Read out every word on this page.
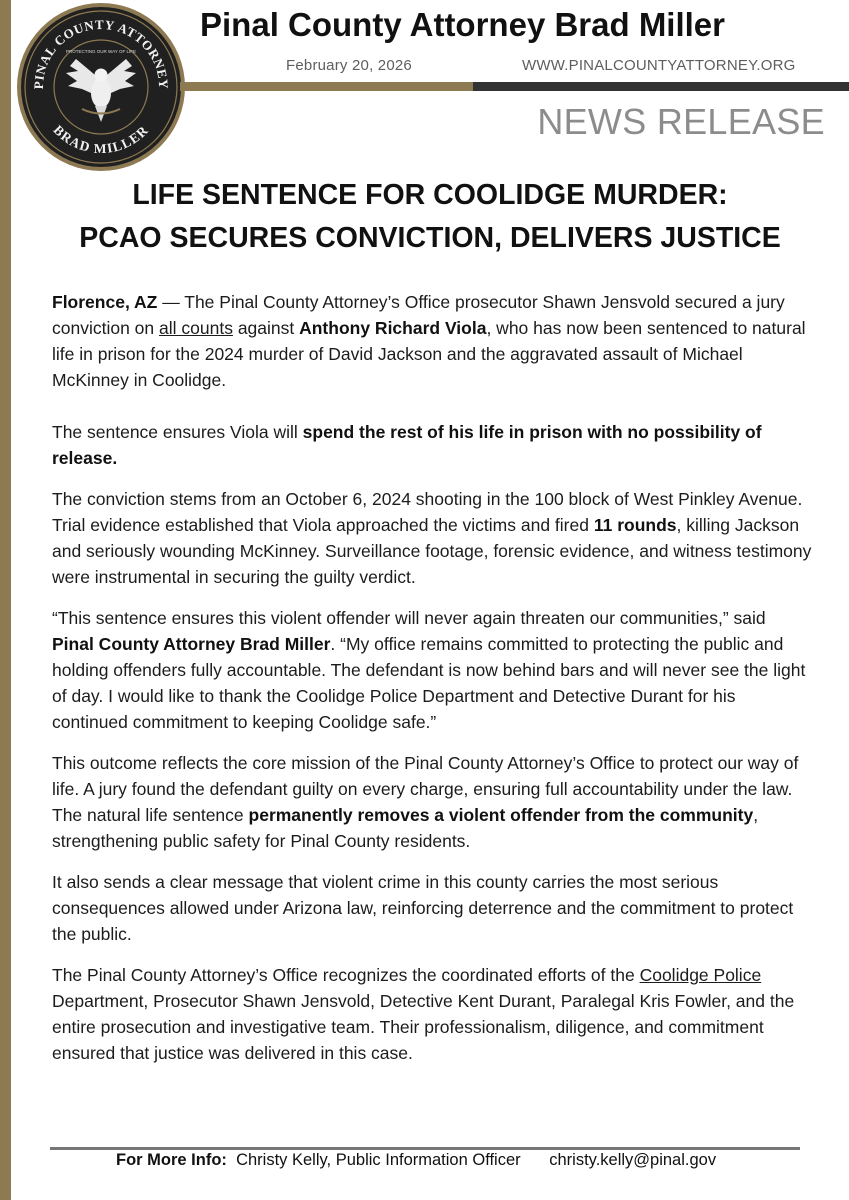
PINAL COUNTY ATTORNEY
BRAD MILLER
PROTECTING OUR WAY OF LIFE
Pinal County Attorney Brad Miller
February 20, 2026	WWW.PINALCOUNTYATTORNEY.ORG
NEWS RELEASE
LIFE SENTENCE FOR COOLIDGE MURDER:
PCAO SECURES CONVICTION, DELIVERS JUSTICE

Florence, AZ — The Pinal County Attorney’s Office prosecutor Shawn Jensvold secured a jury conviction on all counts against Anthony Richard Viola, who has now been sentenced to natural life in prison for the 2024 murder of David Jackson and the aggravated assault of Michael McKinney in Coolidge.

The sentence ensures Viola will spend the rest of his life in prison with no possibility of release.

The conviction stems from an October 6, 2024 shooting in the 100 block of West Pinkley Avenue. Trial evidence established that Viola approached the victims and fired 11 rounds, killing Jackson and seriously wounding McKinney. Surveillance footage, forensic evidence, and witness testimony were instrumental in securing the guilty verdict.

“This sentence ensures this violent offender will never again threaten our communities,” said Pinal County Attorney Brad Miller. “My office remains committed to protecting the public and holding offenders fully accountable. The defendant is now behind bars and will never see the light of day. I would like to thank the Coolidge Police Department and Detective Durant for his continued commitment to keeping Coolidge safe.”

This outcome reflects the core mission of the Pinal County Attorney’s Office to protect our way of life. A jury found the defendant guilty on every charge, ensuring full accountability under the law. The natural life sentence permanently removes a violent offender from the community, strengthening public safety for Pinal County residents.

It also sends a clear message that violent crime in this county carries the most serious consequences allowed under Arizona law, reinforcing deterrence and the commitment to protect the public.

The Pinal County Attorney’s Office recognizes the coordinated efforts of the Coolidge Police Department, Prosecutor Shawn Jensvold, Detective Kent Durant, Paralegal Kris Fowler, and the entire prosecution and investigative team. Their professionalism, diligence, and commitment ensured that justice was delivered in this case.

For More Info: Christy Kelly, Public Information Officer christy.kelly@pinal.gov
